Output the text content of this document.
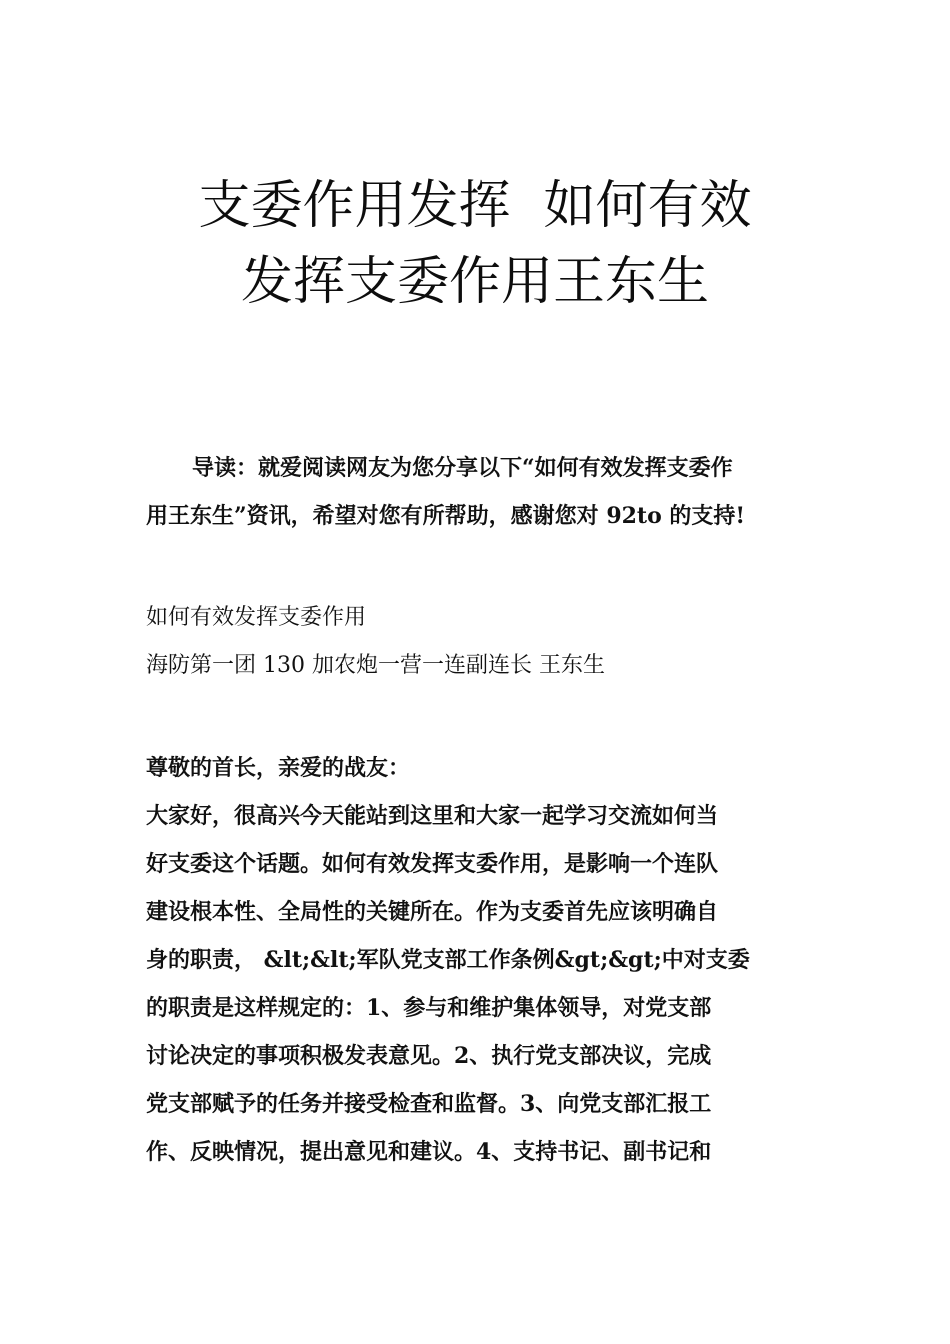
支委作用发挥  如何有效
发挥支委作用王东生
导读：就爱阅读网友为您分享以下“如何有效发挥支委作
用王东生”资讯，希望对您有所帮助，感谢您对 92to 的支持!
如何有效发挥支委作用
海防第一团 130 加农炮一营一连副连长 王东生
尊敬的首长，亲爱的战友：
大家好，很高兴今天能站到这里和大家一起学习交流如何当
好支委这个话题。如何有效发挥支委作用，是影响一个连队
建设根本性、全局性的关键所在。作为支委首先应该明确自
身的职责， &lt;&lt;军队党支部工作条例&gt;&gt;中对支委
的职责是这样规定的：1、参与和维护集体领导，对党支部
讨论决定的事项积极发表意见。2、执行党支部决议，完成
党支部赋予的任务并接受检查和监督。3、向党支部汇报工
作、反映情况，提出意见和建议。4、支持书记、副书记和
